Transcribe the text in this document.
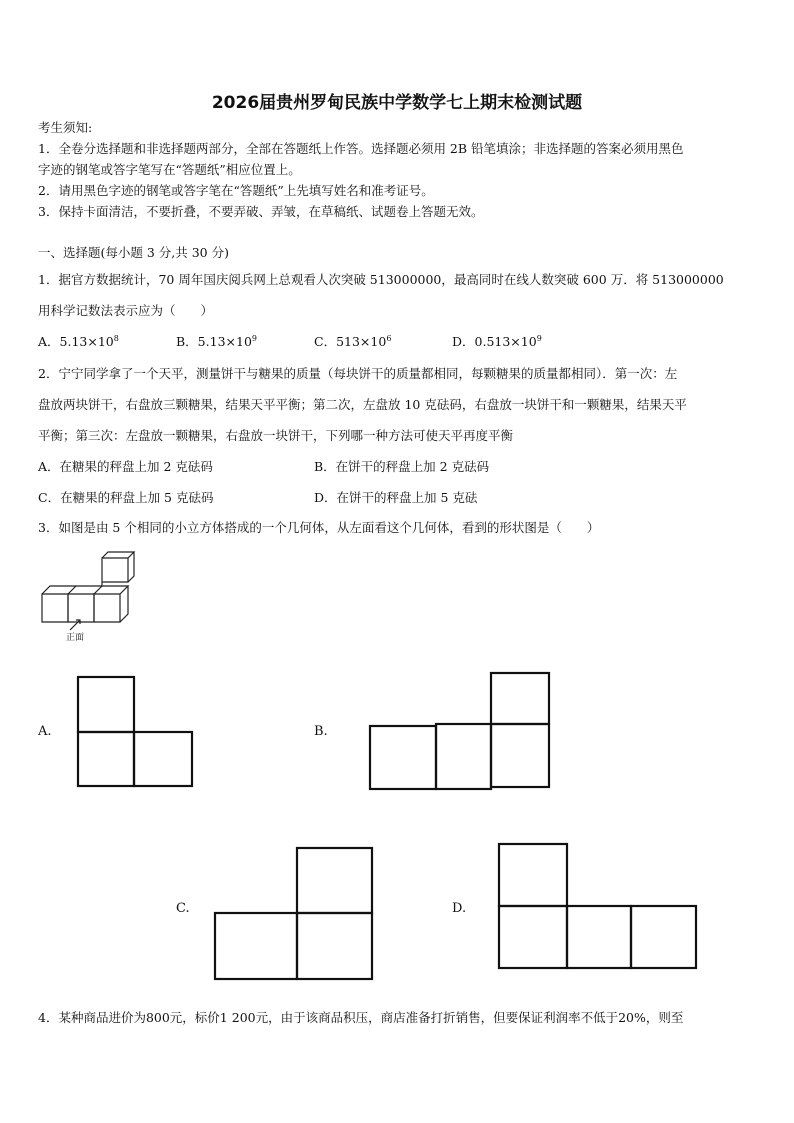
2026届贵州罗甸民族中学数学七上期末检测试题
考生须知:
1．全卷分选择题和非选择题两部分，全部在答题纸上作答。选择题必须用 2B 铅笔填涂；非选择题的答案必须用黑色
字迹的钢笔或答字笔写在“答题纸”相应位置上。
2．请用黑色字迹的钢笔或答字笔在“答题纸”上先填写姓名和准考证号。
3．保持卡面清洁，不要折叠，不要弄破、弄皱，在草稿纸、试题卷上答题无效。
一、选择题(每小题 3 分,共 30 分)
1．据官方数据统计，70 周年国庆阅兵网上总观看人次突破 513000000，最高同时在线人数突破 600 万．将 513000000
用科学记数法表示应为（　　）
A．$5.13\times 10^8$	B．$5.13\times 10^9$	C．$513\times 10^6$	D．$0.513\times 10^9$
2．宁宁同学拿了一个天平，测量饼干与糖果的质量（每块饼干的质量都相同，每颗糖果的质量都相同）．第一次：左
盘放两块饼干，右盘放三颗糖果，结果天平平衡；第二次，左盘放 10 克砝码，右盘放一块饼干和一颗糖果，结果天平
平衡；第三次：左盘放一颗糖果，右盘放一块饼干，下列哪一种方法可使天平再度平衡
A．在糖果的秤盘上加 2 克砝码	B．在饼干的秤盘上加 2 克砝码
C．在糖果的秤盘上加 5 克砝码	D．在饼干的秤盘上加 5 克砝
3．如图是由 5 个相同的小立方体搭成的一个几何体，从左面看这个几何体，看到的形状图是（　　）
正面
A.	B.
C.	D.
4．某种商品进价为800元，标价1 200元，由于该商品积压，商店准备打折销售，但要保证利润率不低于20%，则至
